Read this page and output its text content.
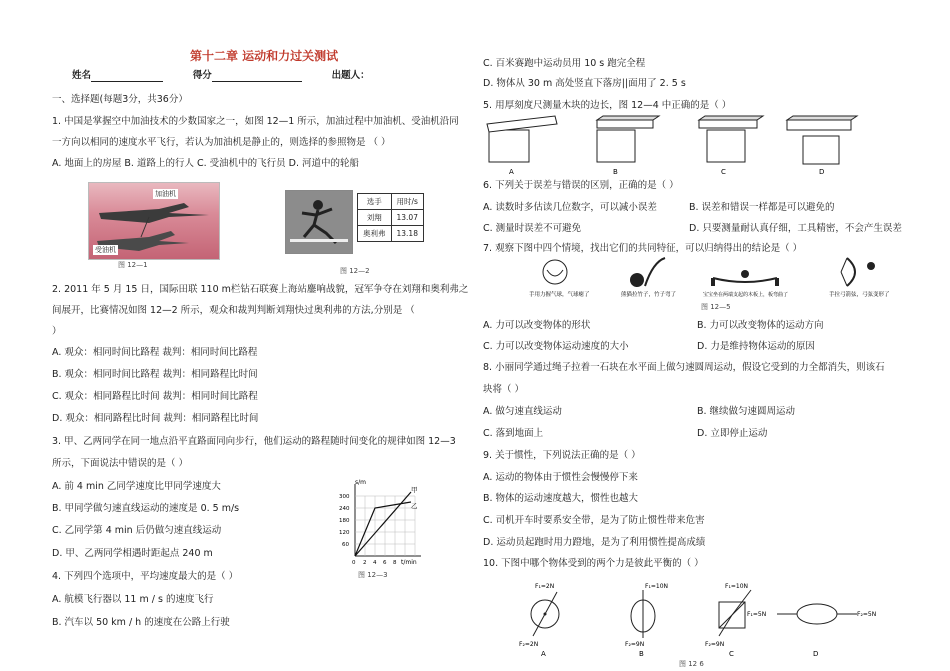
第十二章 运动和力过关测试
姓名	得分	出题人：
一、选择题(每题3分，共36分）
1. 中国是掌握空中加油技术的少数国家之一，如图 12—1 所示，加油过程中加油机、受油机沿同
一方向以相同的速度水平飞行，若认为加油机是静止的，则选择的参照物是 （ ）
A. 地面上的房屋 B. 道路上的行人 C. 受油机中的飞行员 D. 河道中的轮船
加油机
受油机
图 12—1
选手	用时/s
刘翔	13.07
奥利弗	13.18
图 12—2
2. 2011 年 5 月 15 日，国际田联 110 m栏钻石联赛上海站鏖响战貌，冠军争夺在刘翔和奥利弗之
间展开，比赛情况如图 12—2 所示，观众和裁判判断刘翔快过奥利弗的方法,分别是 （
）
A. 观众：相同时间比路程 裁判：相同时间比路程
B. 观众：相同时间比路程 裁判：相同路程比时间
C. 观众：相同路程比时间 裁判：相同时间比路程
D. 观众：相同路程比时间 裁判：相同路程比时间
3. 甲、乙两同学在同一地点沿平直路面同向步行，他们运动的路程随时间变化的规律如图 12—3
所示，下面说法中错误的是（ ）
A. 前 4 min 乙同学速度比甲同学速度大
B. 甲同学做匀速直线运动的速度是 0. 5 m/s
C. 乙同学第 4 min 后仍做匀速直线运动
D. 甲、乙两同学相遇时距起点 240 m
4. 下列四个选项中，平均速度最大的是（ ）
A. 航模飞行器以 11 m / s 的速度飞行
B. 汽车以 50 km / h 的速度在公路上行驶
s/m
t/min
300
240
180
120
60
0 2 4 6 8
甲
乙
图 12—3
C. 百米赛跑中运动员用 10 s 跑完全程
D. 物体从 30 m 高处竖直下落房||面用了 2. 5 s
5. 用厚刻度尺测量木块的边长，图 12—4 中正确的是（ ）
A	B	C	D
6. 下列关于误差与错误的区别，正确的是（ ）
A. 读数时多估读几位数字，可以减小误差	B. 误差和错误一样都是可以避免的
C. 测量时误差不可避免	D. 只要测量耐认真仔细，工具精密，不会产生误差
7. 观察下图中四个情境，找出它们的共同特征，可以归纳得出的结论是（ ）
手用力握气球，气球瘪了	熊猫拉竹子，竹子弯了	宝宝坐在两端支起的木板上，板弯曲了	手拉弓箭弦，弓弦变形了
图 12—5
A. 力可以改变物体的形状	B. 力可以改变物体的运动方向
C. 力可以改变物体运动速度的大小	D. 力是维持物体运动的原因
8. 小丽同学通过绳子拉着一石块在水平面上做匀速圆周运动，假设它受到的力全都消失，则该石
块将（ ）
A. 做匀速直线运动	B. 继续做匀速圆周运动
C. 落到地面上	D. 立即停止运动
9. 关于惯性，下列说法正确的是（ ）
A. 运动的物体由于惯性会慢慢停下来
B. 物体的运动速度越大，惯性也越大
C. 司机开车时要系安全带，是为了防止惯性带来危害
D. 运动员起跑时用力蹬地，是为了利用惯性提高成绩
10. 下图中哪个物体受到的两个力是彼此平衡的（ ）
F₁=2N
F₂=2N
F₁=10N
F₂=9N
F₁=10N
F₂=9N
F₁=5N	F₂=5N
A	B	C	D
图 12 6
